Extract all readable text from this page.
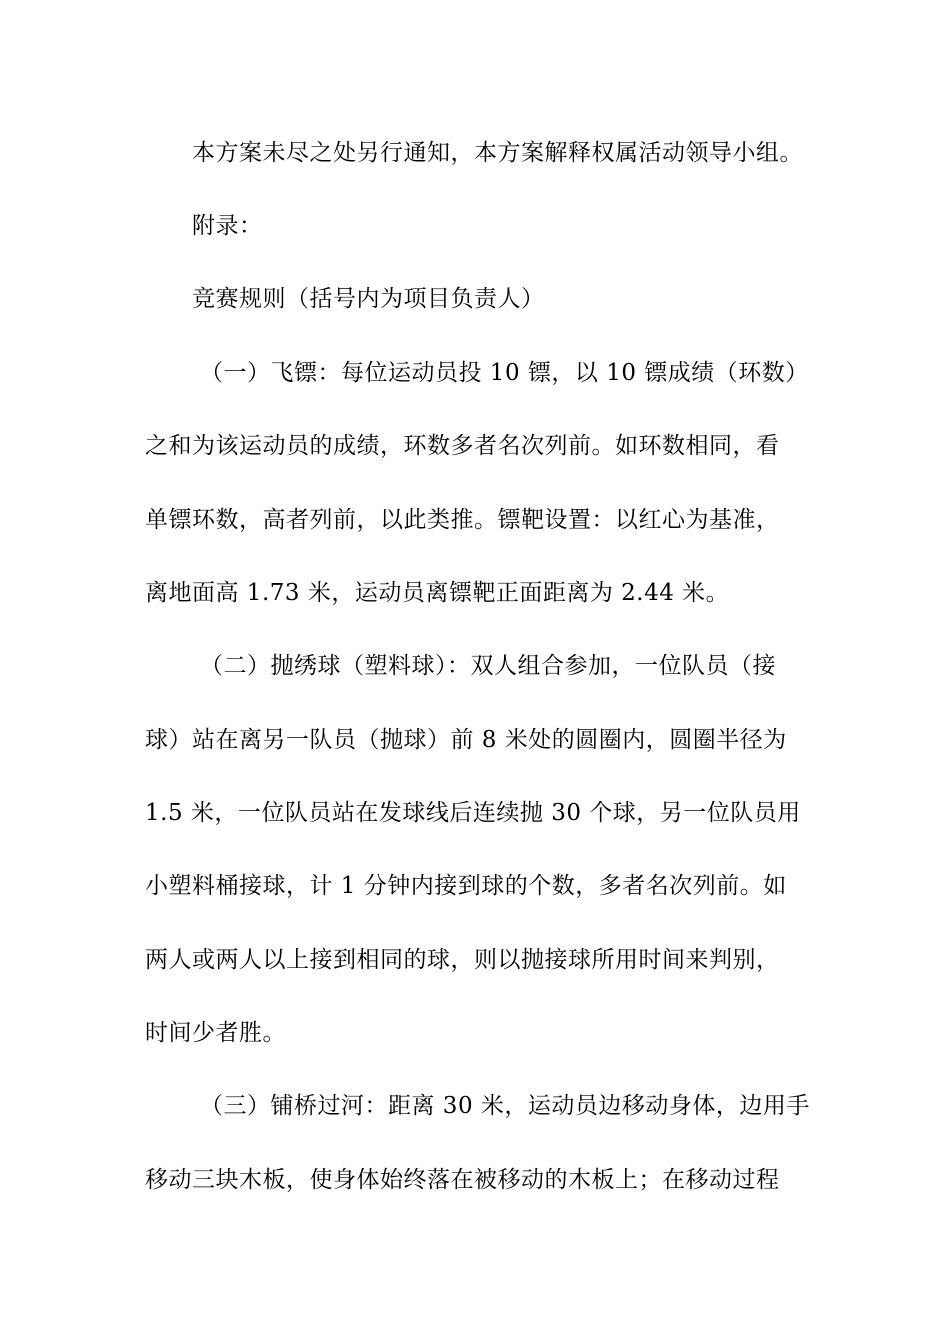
本方案未尽之处另行通知，本方案解释权属活动领导小组。
附录：
竞赛规则（括号内为项目负责人）
（一）飞镖：每位运动员投 10 镖，以 10 镖成绩（环数）
之和为该运动员的成绩，环数多者名次列前。如环数相同，看
单镖环数，高者列前，以此类推。镖靶设置：以红心为基准，
离地面高 1.73 米，运动员离镖靶正面距离为 2.44 米。
（二）抛绣球（塑料球）：双人组合参加，一位队员（接
球）站在离另一队员（抛球）前 8 米处的圆圈内，圆圈半径为
1.5 米，一位队员站在发球线后连续抛 30 个球，另一位队员用
小塑料桶接球，计 1 分钟内接到球的个数，多者名次列前。如
两人或两人以上接到相同的球，则以抛接球所用时间来判别，
时间少者胜。
（三）铺桥过河：距离 30 米，运动员边移动身体，边用手
移动三块木板，使身体始终落在被移动的木板上；在移动过程
